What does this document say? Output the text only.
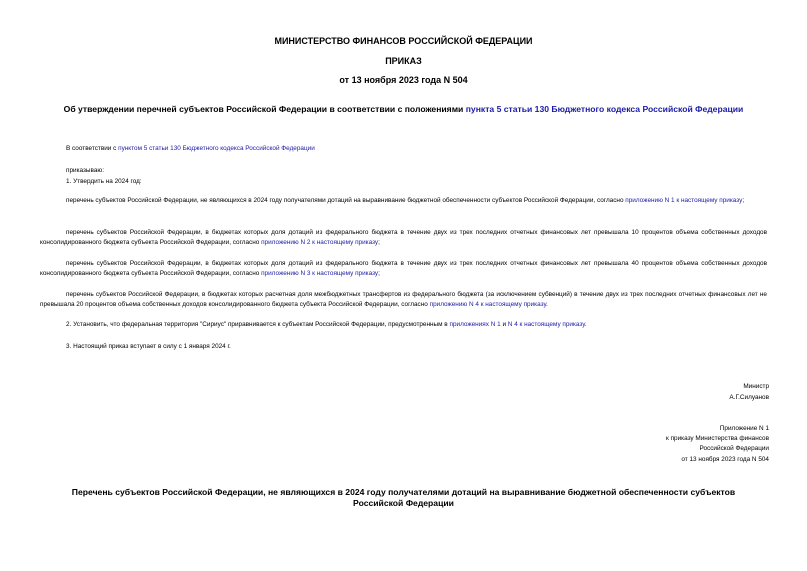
МИНИСТЕРСТВО ФИНАНСОВ РОССИЙСКОЙ ФЕДЕРАЦИИ
ПРИКАЗ
от 13 ноября 2023 года N 504
Об утверждении перечней субъектов Российской Федерации в соответствии с положениями пункта 5 статьи 130 Бюджетного кодекса Российской Федерации
В соответствии с пунктом 5 статьи 130 Бюджетного кодекса Российской Федерации
приказываю:
1. Утвердить на 2024 год:
перечень субъектов Российской Федерации, не являющихся в 2024 году получателями дотаций на выравнивание бюджетной обеспеченности субъектов Российской Федерации, согласно приложению N 1 к настоящему приказу;
перечень субъектов Российской Федерации, в бюджетах которых доля дотаций из федерального бюджета в течение двух из трех последних отчетных финансовых лет превышала 10 процентов объема собственных доходов консолидированного бюджета субъекта Российской Федерации, согласно приложению N 2 к настоящему приказу;
перечень субъектов Российской Федерации, в бюджетах которых доля дотаций из федерального бюджета в течение двух из трех последних отчетных финансовых лет превышала 40 процентов объема собственных доходов консолидированного бюджета субъекта Российской Федерации, согласно приложению N 3 к настоящему приказу;
перечень субъектов Российской Федерации, в бюджетах которых расчетная доля межбюджетных трансфертов из федерального бюджета (за исключением субвенций) в течение двух из трех последних отчетных финансовых лет не превышала 20 процентов объема собственных доходов консолидированного бюджета субъекта Российской Федерации, согласно приложению N 4 к настоящему приказу.
2. Установить, что федеральная территория "Сириус" приравнивается к субъектам Российской Федерации, предусмотренным в приложениях N 1 и N 4 к настоящему приказу.
3. Настоящий приказ вступает в силу с 1 января 2024 г.
Министр
А.Г.Силуанов
Приложение N 1
к приказу Министерства финансов
Российской Федерации
от 13 ноября 2023 года N 504
Перечень субъектов Российской Федерации, не являющихся в 2024 году получателями дотаций на выравнивание бюджетной обеспеченности субъектов Российской Федерации
